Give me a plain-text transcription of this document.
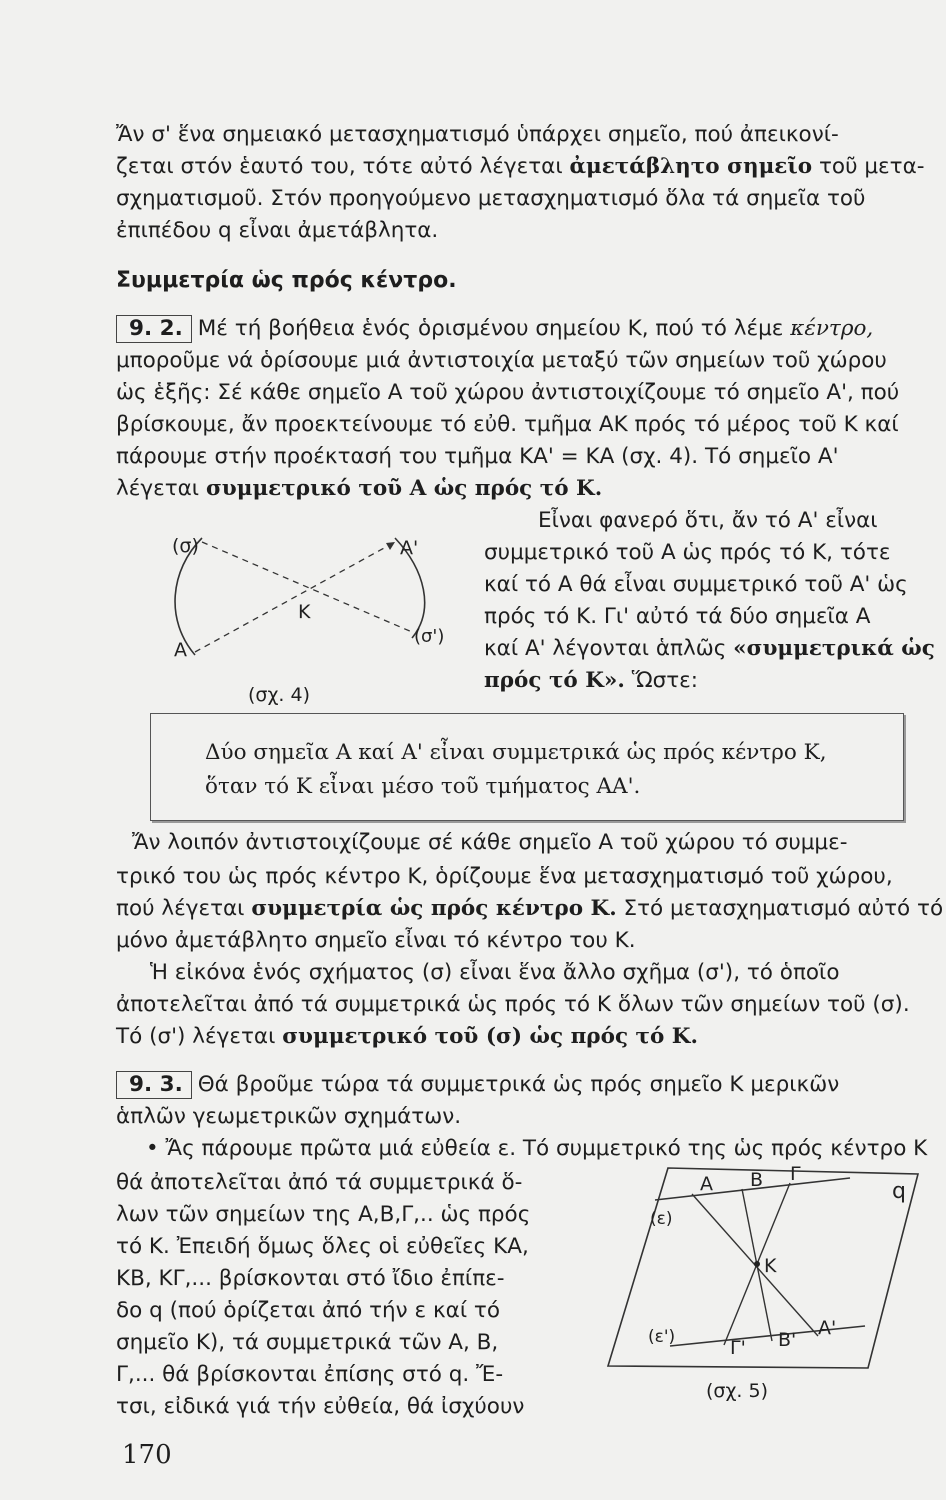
Ἄν σ' ἕνα σημειακό μετασχηματισμό ὑπάρχει σημεῖο, πού ἀπεικονί-
ζεται στόν ἑαυτό του, τότε αὐτό λέγεται ἀμετάβλητο σημεῖο τοῦ μετα-
σχηματισμοῦ. Στόν προηγούμενο μετασχηματισμό ὅλα τά σημεῖα τοῦ
ἐπιπέδου q εἶναι ἀμετάβλητα.
Συμμετρία ὡς πρός κέντρο.
9. 2. Μέ τή βοήθεια ἑνός ὁρισμένου σημείου Κ, πού τό λέμε κέντρο,
μποροῦμε νά ὁρίσουμε μιά ἀντιστοιχία μεταξύ τῶν σημείων τοῦ χώρου
ὡς ἑξῆς: Σέ κάθε σημεῖο Α τοῦ χώρου ἀντιστοιχίζουμε τό σημεῖο Α', πού
βρίσκουμε, ἄν προεκτείνουμε τό εὐθ. τμῆμα ΑΚ πρός τό μέρος τοῦ Κ καί
πάρουμε στήν προέκτασή του τμῆμα ΚΑ' = ΚΑ (σχ. 4). Τό σημεῖο Α'
λέγεται συμμετρικό τοῦ Α ὡς πρός τό Κ.
Εἶναι φανερό ὅτι, ἄν τό Α' εἶναι
συμμετρικό τοῦ Α ὡς πρός τό Κ, τότε
καί τό Α θά εἶναι συμμετρικό τοῦ Α' ὡς
πρός τό Κ. Γι' αὐτό τά δύο σημεῖα Α
καί Α' λέγονται ἁπλῶς «συμμετρικά ὡς
πρός τό Κ». Ὥστε:
(σ)	Α'
Κ
Α
(σ')
(σχ. 4)
Δύο σημεῖα Α καί Α' εἶναι συμμετρικά ὡς πρός κέντρο Κ,
ὅταν τό Κ εἶναι μέσο τοῦ τμήματος ΑΑ'.
Ἄν λοιπόν ἀντιστοιχίζουμε σέ κάθε σημεῖο Α τοῦ χώρου τό συμμε-
τρικό του ὡς πρός κέντρο Κ, ὁρίζουμε ἕνα μετασχηματισμό τοῦ χώρου,
πού λέγεται συμμετρία ὡς πρός κέντρο Κ. Στό μετασχηματισμό αὐτό τό
μόνο ἀμετάβλητο σημεῖο εἶναι τό κέντρο του Κ.
Ἡ εἰκόνα ἑνός σχήματος (σ) εἶναι ἕνα ἄλλο σχῆμα (σ'), τό ὁποῖο
ἀποτελεῖται ἀπό τά συμμετρικά ὡς πρός τό Κ ὅλων τῶν σημείων τοῦ (σ).
Τό (σ') λέγεται συμμετρικό τοῦ (σ) ὡς πρός τό Κ.
9. 3. Θά βροῦμε τώρα τά συμμετρικά ὡς πρός σημεῖο Κ μερικῶν
ἁπλῶν γεωμετρικῶν σχημάτων.
• Ἄς πάρουμε πρῶτα μιά εὐθεία ε. Τό συμμετρικό της ὡς πρός κέντρο Κ
θά ἀποτελεῖται ἀπό τά συμμετρικά ὅ-
λων τῶν σημείων της Α,Β,Γ,.. ὡς πρός
τό Κ. Ἐπειδή ὅμως ὅλες οἱ εὐθεῖες ΚΑ,
ΚΒ, ΚΓ,... βρίσκονται στό ἴδιο ἐπίπε-
δο q (πού ὁρίζεται ἀπό τήν ε καί τό
σημεῖο Κ), τά συμμετρικά τῶν Α, Β,
Γ,... θά βρίσκονται ἐπίσης στό q. Ἔ-
τσι, εἰδικά γιά τήν εὐθεία, θά ἰσχύουν
q
(ε)
Α Β Γ
Κ
(ε')	Γ' Β'
Α'
(σχ. 5)
170
